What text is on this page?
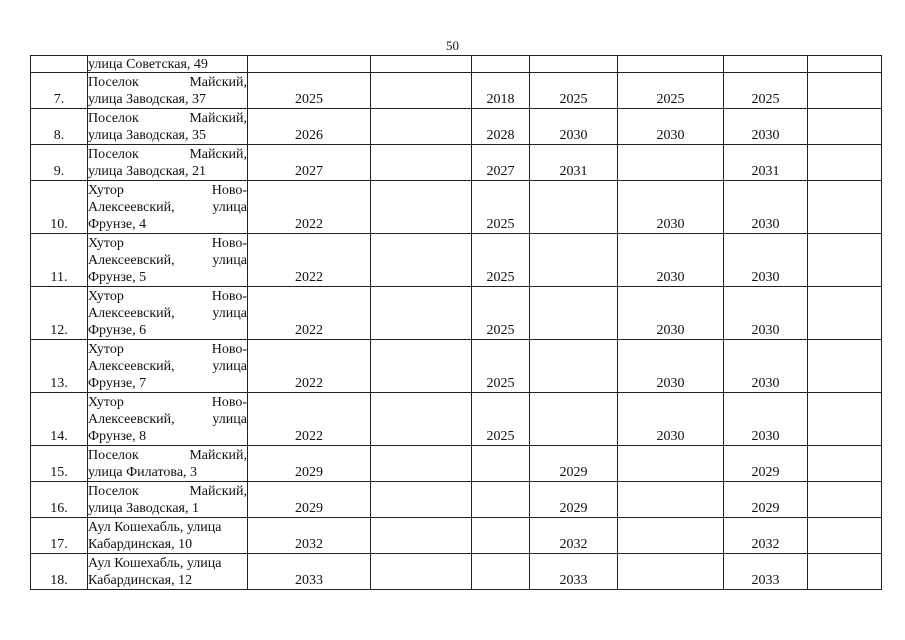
50

	улица Советская, 49							

7.	Поселок Майский,
улица Заводская, 37	2025		2018	2025	2025	2025	
8.	Поселок Майский,
улица Заводская, 35	2026		2028	2030	2030	2030	
9.	Поселок Майский,
улица Заводская, 21	2027		2027	2031		2031	
10.	Хутор Ново-
Алексеевский, улица
Фрунзе, 4	2022		2025		2030	2030	
11.	Хутор Ново-
Алексеевский, улица
Фрунзе, 5	2022		2025		2030	2030	
12.	Хутор Ново-
Алексеевский, улица
Фрунзе, 6	2022		2025		2030	2030	
13.	Хутор Ново-
Алексеевский, улица
Фрунзе, 7	2022		2025		2030	2030	
14.	Хутор Ново-
Алексеевский, улица
Фрунзе, 8	2022		2025		2030	2030	
15.	Поселок Майский,
улица Филатова, 3	2029			2029		2029	
16.	Поселок Майский,
улица Заводская, 1	2029			2029		2029	
17.	Аул Кошехабль, улица
Кабардинская, 10	2032			2032		2032	
18.	Аул Кошехабль, улица
Кабардинская, 12	2033			2033		2033	
